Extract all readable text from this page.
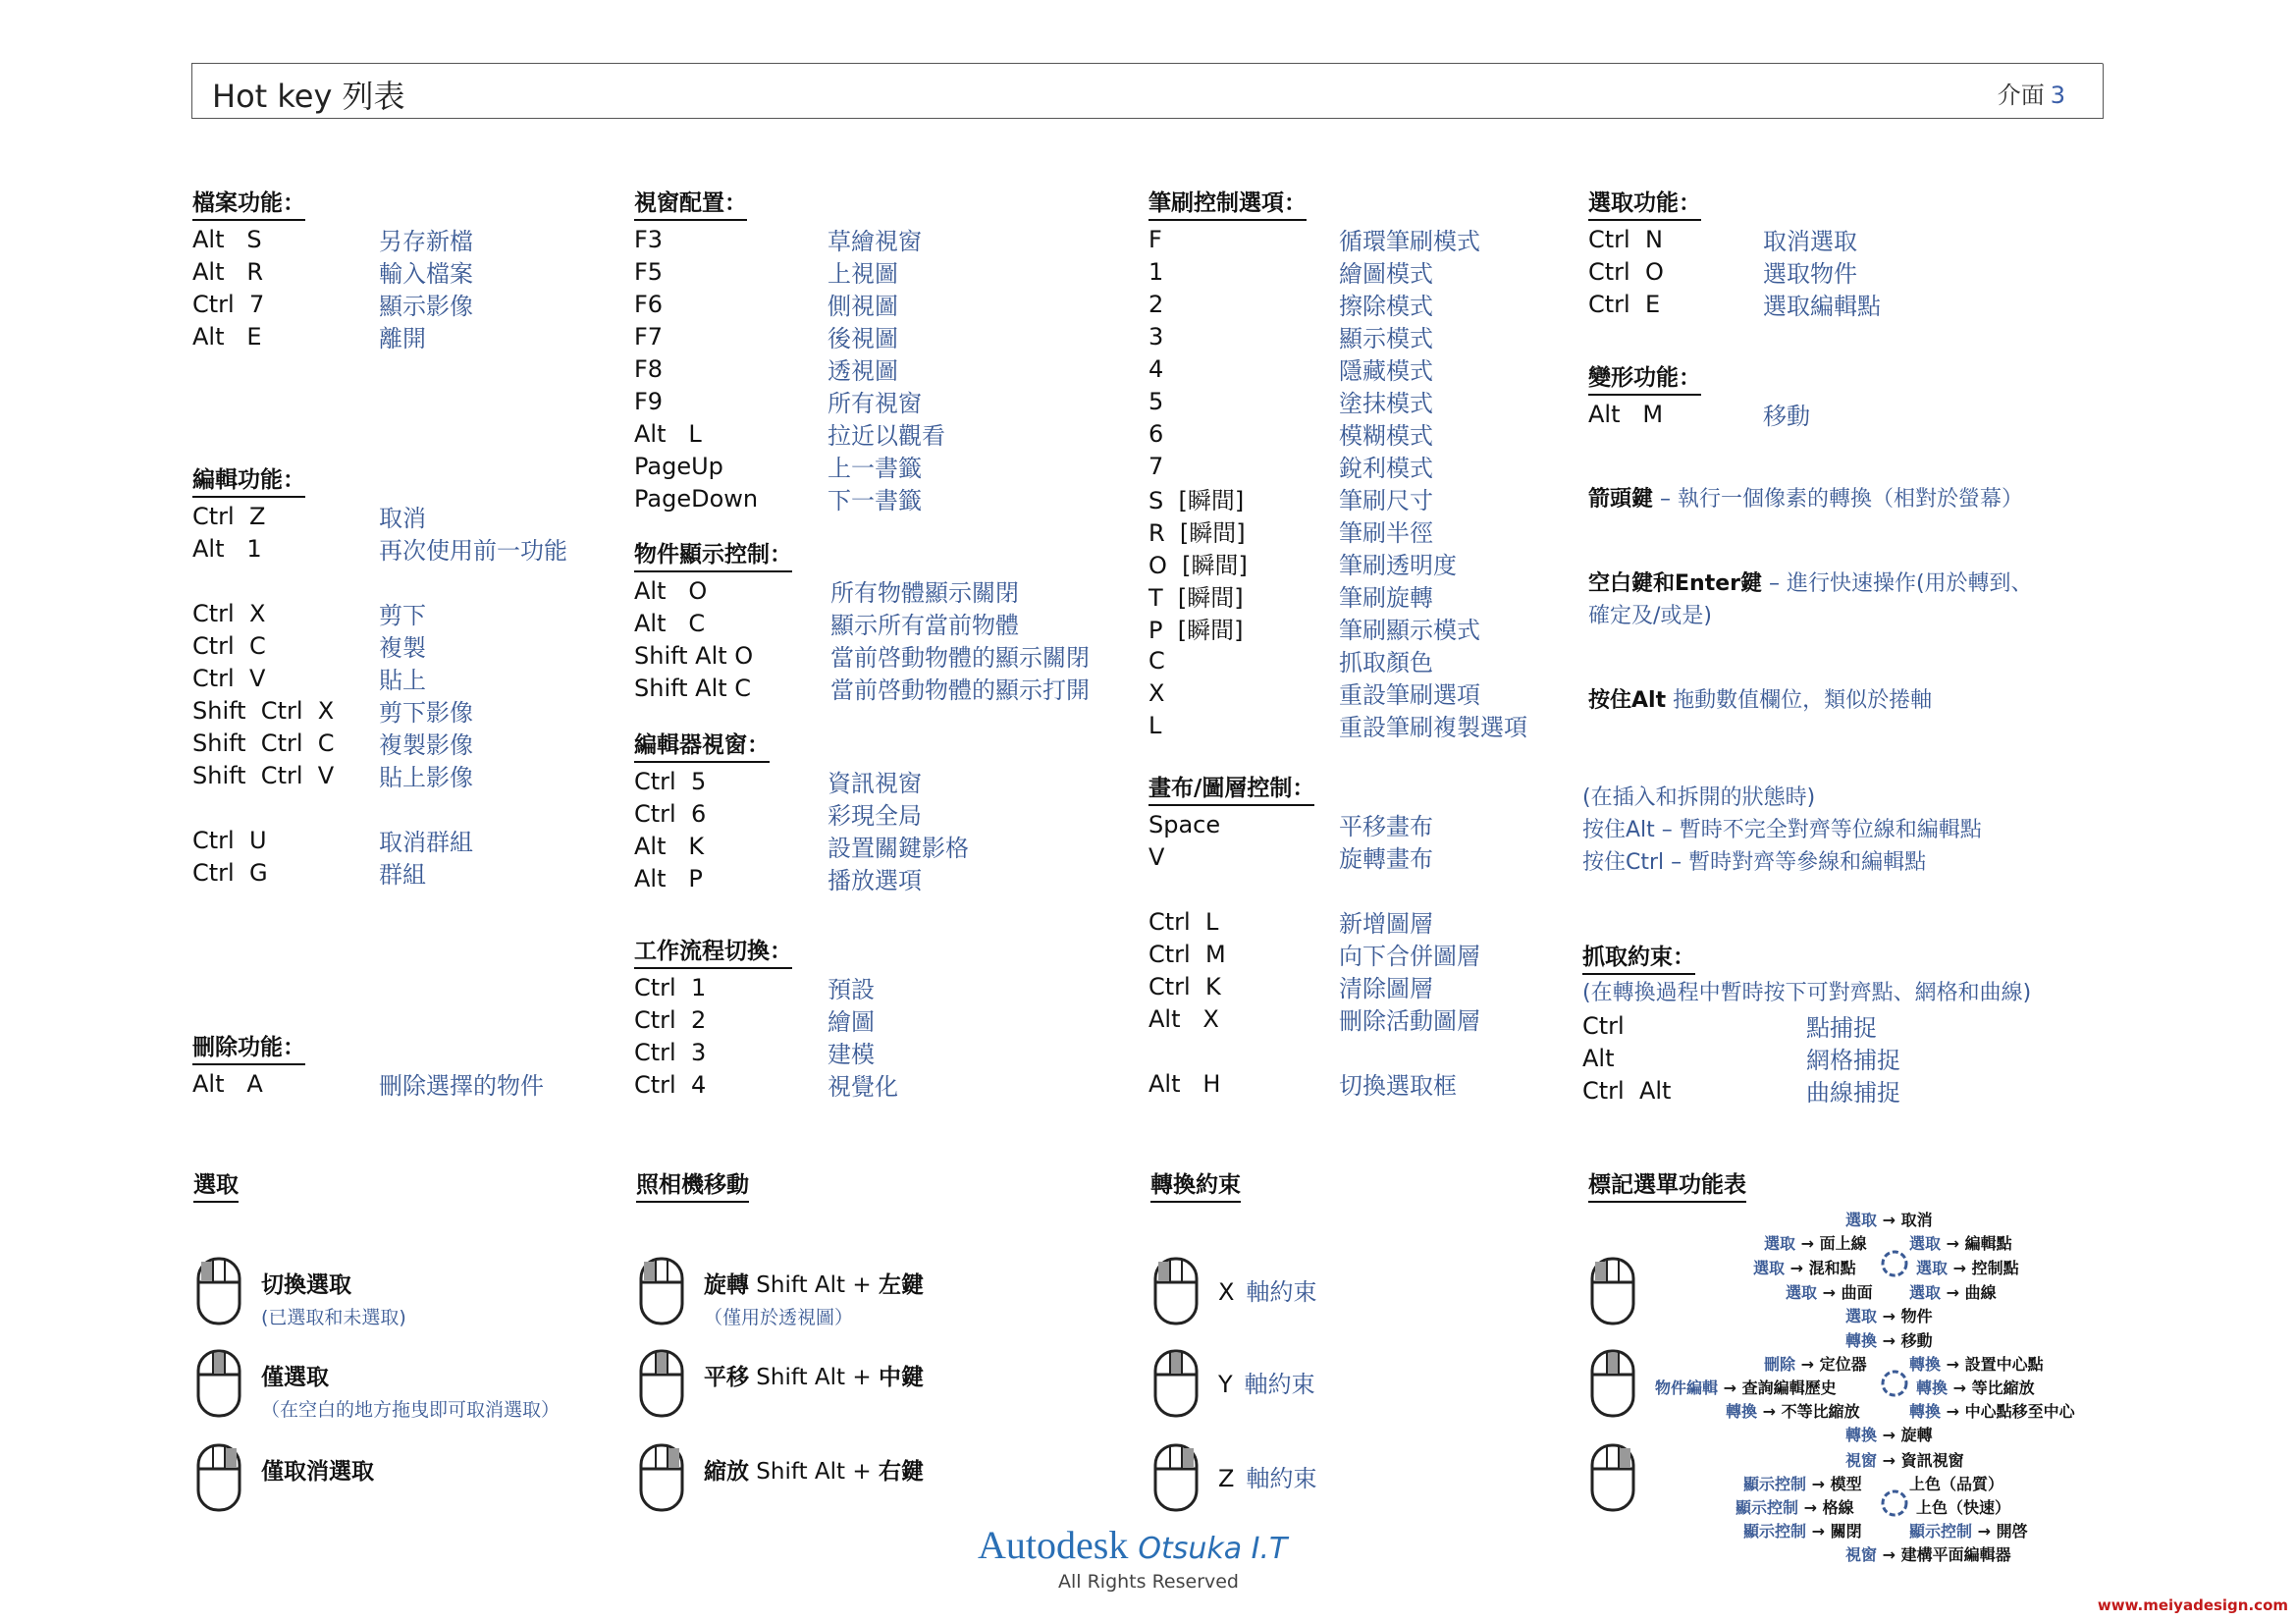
Hot key 列表	介面 3
檔案功能：
Alt   S	另存新檔
Alt   R	輸入檔案
Ctrl  7	顯示影像
Alt   E	離開
編輯功能：
Ctrl  Z	取消
Alt   1	再次使用前一功能
Ctrl  X	剪下
Ctrl  C	複製
Ctrl  V	貼上
Shift  Ctrl  X	剪下影像
Shift  Ctrl  C	複製影像
Shift  Ctrl  V	貼上影像
Ctrl  U	取消群組
Ctrl  G	群組
刪除功能：
Alt   A	刪除選擇的物件
視窗配置：
F3	草繪視窗
F5	上視圖
F6	側視圖
F7	後視圖
F8	透視圖
F9	所有視窗
Alt   L	拉近以觀看
PageUp	上一書籤
PageDown	下一書籤
物件顯示控制：
Alt   O	所有物體顯示關閉
Alt   C	顯示所有當前物體
Shift Alt O	當前啓動物體的顯示關閉
Shift Alt C	當前啓動物體的顯示打開
編輯器視窗：
Ctrl  5	資訊視窗
Ctrl  6	彩現全局
Alt   K	設置關鍵影格
Alt   P	播放選項
工作流程切換：
Ctrl  1	預設
Ctrl  2	繪圖
Ctrl  3	建模
Ctrl  4	視覺化
筆刷控制選項：
F	循環筆刷模式
1	繪圖模式
2	擦除模式
3	顯示模式
4	隱藏模式
5	塗抹模式
6	模糊模式
7	銳利模式
S  [瞬間]	筆刷尺寸
R  [瞬間]	筆刷半徑
O  [瞬間]	筆刷透明度
T  [瞬間]	筆刷旋轉
P  [瞬間]	筆刷顯示模式
C	抓取顏色
X	重設筆刷選項
L	重設筆刷複製選項
畫布/圖層控制：
Space	平移畫布
V	旋轉畫布
Ctrl  L	新增圖層
Ctrl  M	向下合併圖層
Ctrl  K	清除圖層
Alt   X	刪除活動圖層
Alt   H	切換選取框
選取功能：
Ctrl  N	取消選取
Ctrl  O	選取物件
Ctrl  E	選取編輯點
變形功能：
Alt   M	移動
箭頭鍵 – 執行一個像素的轉換（相對於螢幕）
空白鍵和Enter鍵 – 進行快速操作(用於轉到、
確定及/或是)
按住Alt 拖動數值欄位，類似於捲軸
(在插入和拆開的狀態時)
按住Alt – 暫時不完全對齊等位線和編輯點
按住Ctrl – 暫時對齊等參線和編輯點
抓取約束：
(在轉換過程中暫時按下可對齊點、網格和曲線)
Ctrl	點捕捉
Alt	網格捕捉
Ctrl  Alt	曲線捕捉
選取	照相機移動	轉換約束	標記選單功能表
切換選取
(已選取和未選取)
僅選取
（在空白的地方拖曳即可取消選取）
僅取消選取
旋轉 Shift Alt + 左鍵
（僅用於透視圖）
平移 Shift Alt + 中鍵
縮放 Shift Alt + 右鍵
X 軸約束
Y 軸約束
Z 軸約束
選取 → 取消
選取 → 面上線	選取 → 編輯點
選取 → 混和點	選取 → 控制點
選取 → 曲面 選取 → 曲線
選取 → 物件
轉換 → 移動
刪除 → 定位器	轉換 → 設置中心點
物件編輯 → 查詢編輯歷史	轉換 → 等比縮放
轉換 → 不等比縮放	轉換 → 中心點移至中心
轉換 → 旋轉
視窗 → 資訊視窗
顯示控制 → 模型	上色（品質）
顯示控制 → 格線	上色（快速）
顯示控制 → 關閉	顯示控制 → 開啓
視窗 → 建構平面編輯器
Autodesk Otsuka I.T
All Rights Reserved
www.meiyadesign.com
